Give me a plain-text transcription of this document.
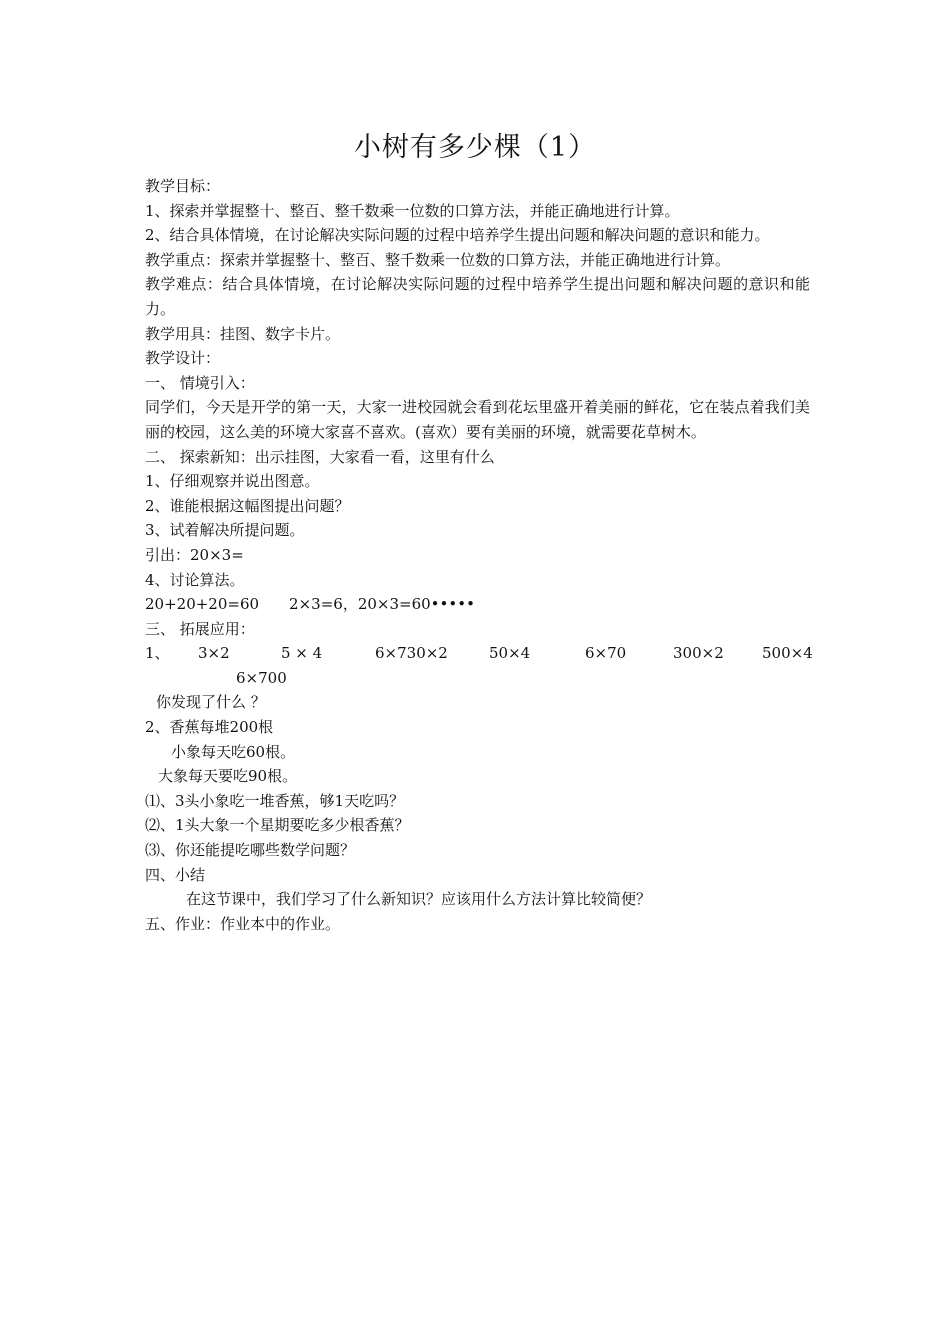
小树有多少棵（1）
教学目标：
1、探索并掌握整十、整百、整千数乘一位数的口算方法，并能正确地进行计算。
2、结合具体情境，在讨论解决实际问题的过程中培养学生提出问题和解决问题的意识和能力。
教学重点：探索并掌握整十、整百、整千数乘一位数的口算方法，并能正确地进行计算。
教学难点：结合具体情境，在讨论解决实际问题的过程中培养学生提出问题和解决问题的意识和能力。
教学用具：挂图、数字卡片。
教学设计：
一、 情境引入：
同学们，今天是开学的第一天，大家一进校园就会看到花坛里盛开着美丽的鲜花，它在装点着我们美丽的校园，这么美的环境大家喜不喜欢。(喜欢）要有美丽的环境，就需要花草树木。
二、 探索新知：出示挂图，大家看一看，这里有什么
1、仔细观察并说出图意。
2、谁能根据这幅图提出问题？
3、试着解决所提问题。
引出：20×3=
4、讨论算法。
20+20+20=60　　2×3=6，20×3=60•••••
三、 拓展应用：
1、 3×2	5 × 4	6×730×2	50×4	6×70	300×2	500×4
6×700
你发现了什么 ？
2、香蕉每堆200根
小象每天吃60根。
大象每天要吃90根。
⑴、3头小象吃一堆香蕉，够1天吃吗？
⑵、1头大象一个星期要吃多少根香蕉？
⑶、你还能提吃哪些数学问题？
四、小结
在这节课中，我们学习了什么新知识？应该用什么方法计算比较简便？
五、作业：作业本中的作业。
